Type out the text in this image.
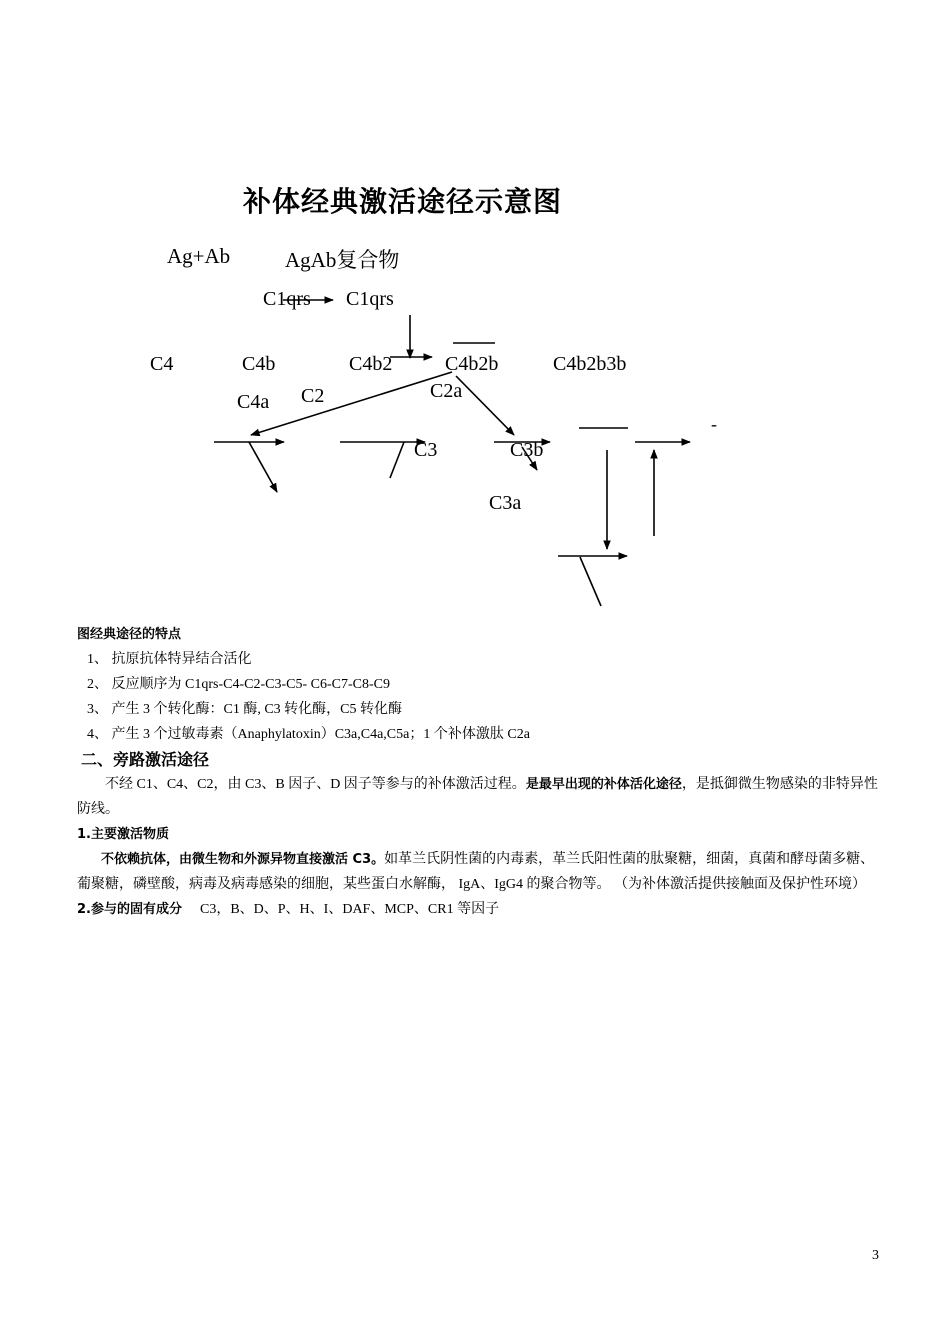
补体经典激活途径示意图
Ag+Ab	AgAb复合物
C1qrs C1qrs
C4	C4b	C4b2	C4b2b	C4b2b3b
C4a C2	C2a
C3	C3b
C3a
-
图经典途径的特点
1、 抗原抗体特异结合活化
2、 反应顺序为 C1qrs-C4-C2-C3-C5- C6-C7-C8-C9
3、 产生 3 个转化酶：C1 酶, C3 转化酶，C5 转化酶
4、 产生 3 个过敏毒素（Anaphylatoxin）C3a,C4a,C5a；1 个补体激肽 C2a
二、旁路激活途径
不经 C1、C4、C2，由 C3、B 因子、D 因子等参与的补体激活过程。是最早出现的补体活化途径，是抵御微生物感染的非特异性防线。
1.主要激活物质
不依赖抗体，由微生物和外源异物直接激活 C3。如革兰氏阴性菌的内毒素，革兰氏阳性菌的肽聚糖，细菌，真菌和酵母菌多糖、葡聚糖，磷壁酸，病毒及病毒感染的细胞，某些蛋白水解酶， IgA、IgG4 的聚合物等。 （为补体激活提供接触面及保护性环境）
2.参与的固有成分 C3，B、D、P、H、I、DAF、MCP、CR1 等因子
3
